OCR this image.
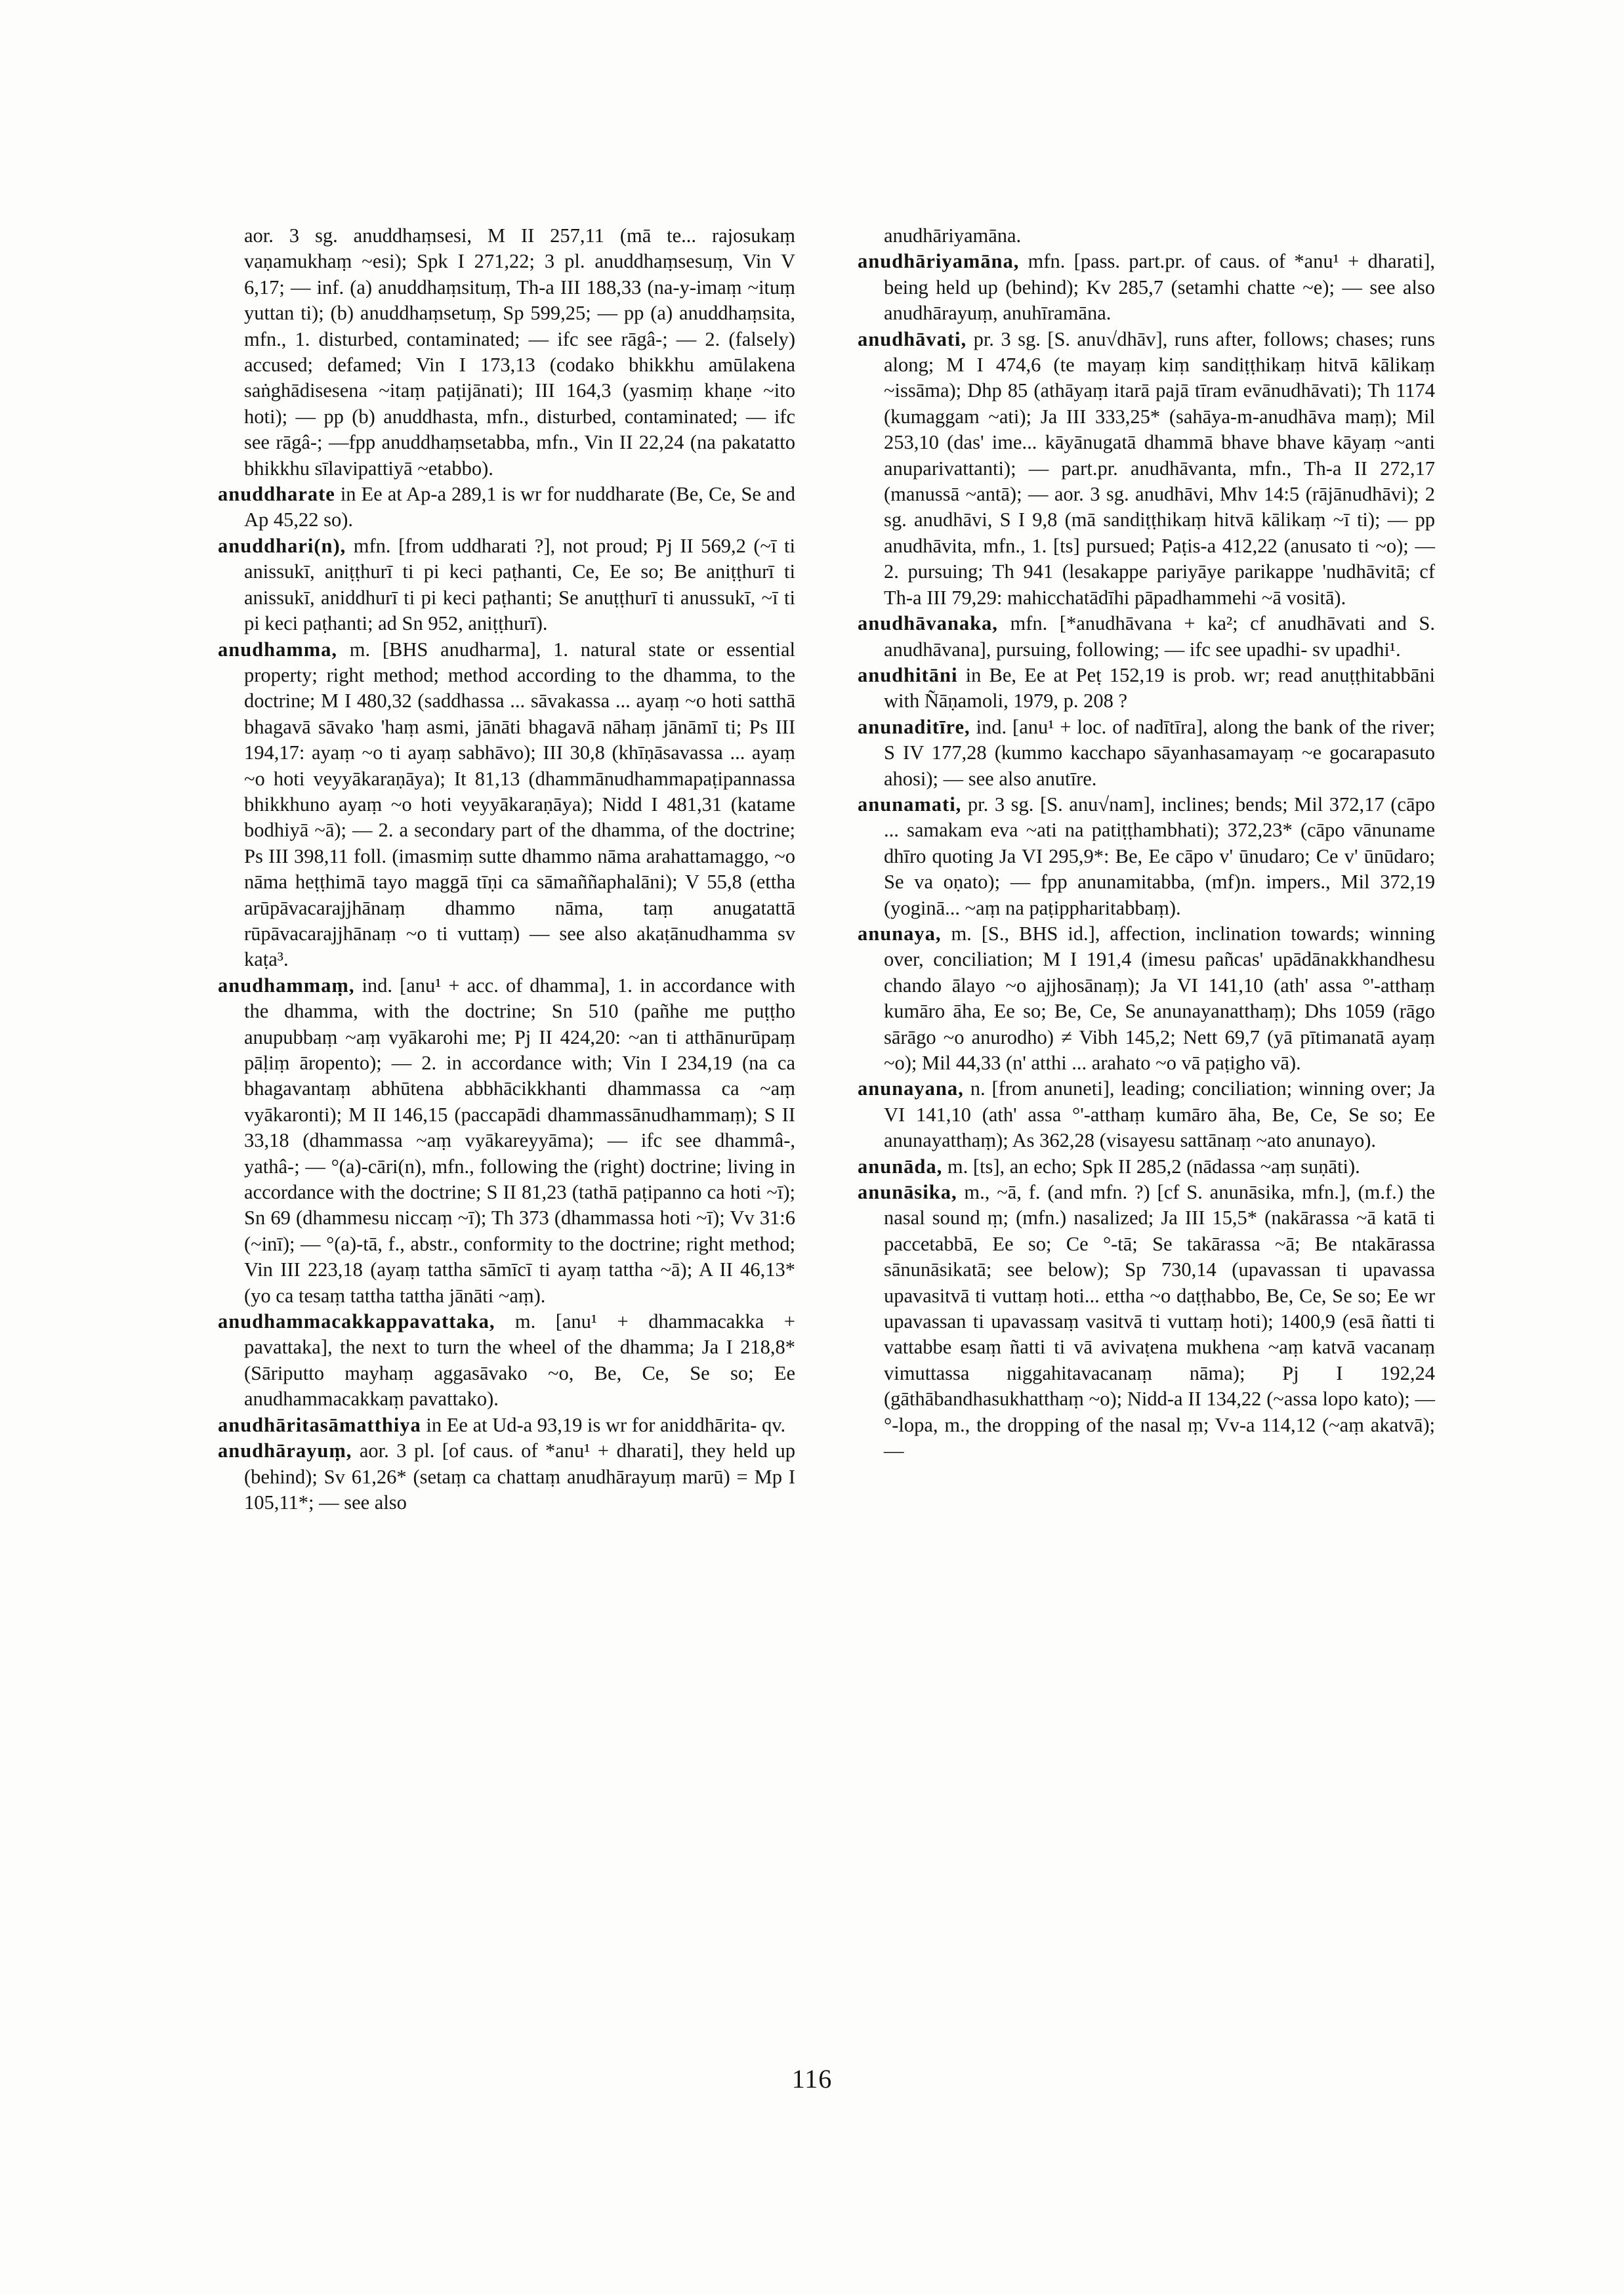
aor. 3 sg. anuddhaṃsesi, M II 257,11 (mā te... rajosukaṃ vaṇamukhaṃ ~esi); Spk I 271,22; 3 pl. anuddhaṃsesuṃ, Vin V 6,17; — inf. (a) anuddhaṃsituṃ, Th-a III 188,33 (na-y-imaṃ ~ituṃ yuttan ti); (b) anuddhaṃsetuṃ, Sp 599,25; — pp (a) anuddhaṃsita, mfn., 1. disturbed, contaminated; — ifc see rāgâ-; — 2. (falsely) accused; defamed; Vin I 173,13 (codako bhikkhu amūlakena saṅghādisesena ~itaṃ paṭijānati); III 164,3 (yasmiṃ khaṇe ~ito hoti); — pp (b) anuddhasta, mfn., disturbed, contaminated; — ifc see rāgâ-; —fpp anuddhaṃsetabba, mfn., Vin II 22,24 (na pakatatto bhikkhu sīlavipattiyā ~etabbo).

anuddharate in Ee at Ap-a 289,1 is wr for nuddharate (Be, Ce, Se and Ap 45,22 so).

anuddhari(n), mfn. [from uddharati ?], not proud; Pj II 569,2 (~ī ti anissukī, aniṭṭhurī ti pi keci paṭhanti, Ce, Ee so; Be aniṭṭhurī ti anissukī, aniddhurī ti pi keci paṭhanti; Se anuṭṭhurī ti anussukī, ~ī ti pi keci paṭhanti; ad Sn 952, aniṭṭhurī).

anudhamma, m. [BHS anudharma], 1. natural state or essential property; right method; method according to the dhamma, to the doctrine; M I 480,32 (saddhassa ... sāvakassa ... ayaṃ ~o hoti satthā bhagavā sāvako 'haṃ asmi, jānāti bhagavā nāhaṃ jānāmī ti; Ps III 194,17: ayaṃ ~o ti ayaṃ sabhāvo); III 30,8 (khīṇāsavassa ... ayaṃ ~o hoti veyyākaraṇāya); It 81,13 (dhammānudhammapaṭipannassa bhikkhuno ayaṃ ~o hoti veyyākaraṇāya); Nidd I 481,31 (katame bodhiyā ~ā); — 2. a secondary part of the dhamma, of the doctrine; Ps III 398,11 foll. (imasmiṃ sutte dhammo nāma arahattamaggo, ~o nāma heṭṭhimā tayo maggā tīṇi ca sāmaññaphalāni); V 55,8 (ettha arūpāvacarajjhānaṃ dhammo nāma, taṃ anugatattā rūpāvacarajjhānaṃ ~o ti vuttaṃ) — see also akaṭānudhamma sv kaṭa³.

anudhammaṃ, ind. [anu¹ + acc. of dhamma], 1. in accordance with the dhamma, with the doctrine; Sn 510 (pañhe me puṭṭho anupubbaṃ ~aṃ vyākarohi me; Pj II 424,20: ~an ti atthānurūpaṃ pāḷiṃ āropento); — 2. in accordance with; Vin I 234,19 (na ca bhagavantaṃ abhūtena abbhācikkhanti dhammassa ca ~aṃ vyākaronti); M II 146,15 (paccapādi dhammassānudhammaṃ); S II 33,18 (dhammassa ~aṃ vyākareyyāma); — ifc see dhammâ-, yathâ-; — °(a)-cāri(n), mfn., following the (right) doctrine; living in accordance with the doctrine; S II 81,23 (tathā paṭipanno ca hoti ~ī); Sn 69 (dhammesu niccaṃ ~ī); Th 373 (dhammassa hoti ~ī); Vv 31:6 (~inī); — °(a)-tā, f., abstr., conformity to the doctrine; right method; Vin III 223,18 (ayaṃ tattha sāmīcī ti ayaṃ tattha ~ā); A II 46,13* (yo ca tesaṃ tattha tattha jānāti ~aṃ).

anudhammacakkappavattaka, m. [anu¹ + dhammacakka + pavattaka], the next to turn the wheel of the dhamma; Ja I 218,8* (Sāriputto mayhaṃ aggasāvako ~o, Be, Ce, Se so; Ee anudhammacakkaṃ pavattako).

anudhāritasāmatthiya in Ee at Ud-a 93,19 is wr for aniddhārita- qv.

anudhārayuṃ, aor. 3 pl. [of caus. of *anu¹ + dharati], they held up (behind); Sv 61,26* (setaṃ ca chattaṃ anudhārayuṃ marū) = Mp I 105,11*; — see also

anudhāriyamāna.

anudhāriyamāna, mfn. [pass. part.pr. of caus. of *anu¹ + dharati], being held up (behind); Kv 285,7 (setamhi chatte ~e); — see also anudhārayuṃ, anuhīramāna.

anudhāvati, pr. 3 sg. [S. anu√dhāv], runs after, follows; chases; runs along; M I 474,6 (te mayaṃ kiṃ sandiṭṭhikaṃ hitvā kālikaṃ ~issāma); Dhp 85 (athāyaṃ itarā pajā tīram evānudhāvati); Th 1174 (kumaggam ~ati); Ja III 333,25* (sahāya-m-anudhāva maṃ); Mil 253,10 (das' ime... kāyānugatā dhammā bhave bhave kāyaṃ ~anti anuparivattanti); — part.pr. anudhāvanta, mfn., Th-a II 272,17 (manussā ~antā); — aor. 3 sg. anudhāvi, Mhv 14:5 (rājānudhāvi); 2 sg. anudhāvi, S I 9,8 (mā sandiṭṭhikaṃ hitvā kālikaṃ ~ī ti); — pp anudhāvita, mfn., 1. [ts] pursued; Paṭis-a 412,22 (anusato ti ~o); — 2. pursuing; Th 941 (lesakappe pariyāye parikappe 'nudhāvitā; cf Th-a III 79,29: mahicchatādīhi pāpadhammehi ~ā vositā).

anudhāvanaka, mfn. [*anudhāvana + ka²; cf anudhāvati and S. anudhāvana], pursuing, following; — ifc see upadhi- sv upadhi¹.

anudhitāni in Be, Ee at Peṭ 152,19 is prob. wr; read anuṭṭhitabbāni with Ñāṇamoli, 1979, p. 208 ?

anunaditīre, ind. [anu¹ + loc. of nadītīra], along the bank of the river; S IV 177,28 (kummo kacchapo sāyanhasamayaṃ ~e gocarapasuto ahosi); — see also anutīre.

anunamati, pr. 3 sg. [S. anu√nam], inclines; bends; Mil 372,17 (cāpo ... samakam eva ~ati na patiṭṭhambhati); 372,23* (cāpo vānuname dhīro quoting Ja VI 295,9*: Be, Ee cāpo v' ūnudaro; Ce v' ūnūdaro; Se va oṇato); — fpp anunamitabba, (mf)n. impers., Mil 372,19 (yoginā... ~aṃ na paṭippharitabbaṃ).

anunaya, m. [S., BHS id.], affection, inclination towards; winning over, conciliation; M I 191,4 (imesu pañcas' upādānakkhandhesu chando ālayo ~o ajjhosānaṃ); Ja VI 141,10 (ath' assa °'-atthaṃ kumāro āha, Ee so; Be, Ce, Se anunayanatthaṃ); Dhs 1059 (rāgo sārāgo ~o anurodho) ≠ Vibh 145,2; Nett 69,7 (yā pītimanatā ayaṃ ~o); Mil 44,33 (n' atthi ... arahato ~o vā paṭigho vā).

anunayana, n. [from anuneti], leading; conciliation; winning over; Ja VI 141,10 (ath' assa °'-atthaṃ kumāro āha, Be, Ce, Se so; Ee anunayatthaṃ); As 362,28 (visayesu sattānaṃ ~ato anunayo).

anunāda, m. [ts], an echo; Spk II 285,2 (nādassa ~aṃ suṇāti).

anunāsika, m., ~ā, f. (and mfn. ?) [cf S. anunāsika, mfn.], (m.f.) the nasal sound ṃ; (mfn.) nasalized; Ja III 15,5* (nakārassa ~ā katā ti paccetabbā, Ee so; Ce °-tā; Se takārassa ~ā; Be ntakārassa sānunāsikatā; see below); Sp 730,14 (upavassan ti upavassa upavasitvā ti vuttaṃ hoti... ettha ~o daṭṭhabbo, Be, Ce, Se so; Ee wr upavassan ti upavassaṃ vasitvā ti vuttaṃ hoti); 1400,9 (esā ñatti ti vattabbe esaṃ ñatti ti vā avivaṭena mukhena ~aṃ katvā vacanaṃ vimuttassa niggahitavacanaṃ nāma); Pj I 192,24 (gāthābandhasukhatthaṃ ~o); Nidd-a II 134,22 (~assa lopo kato); — °-lopa, m., the dropping of the nasal ṃ; Vv-a 114,12 (~aṃ akatvā); —

116
